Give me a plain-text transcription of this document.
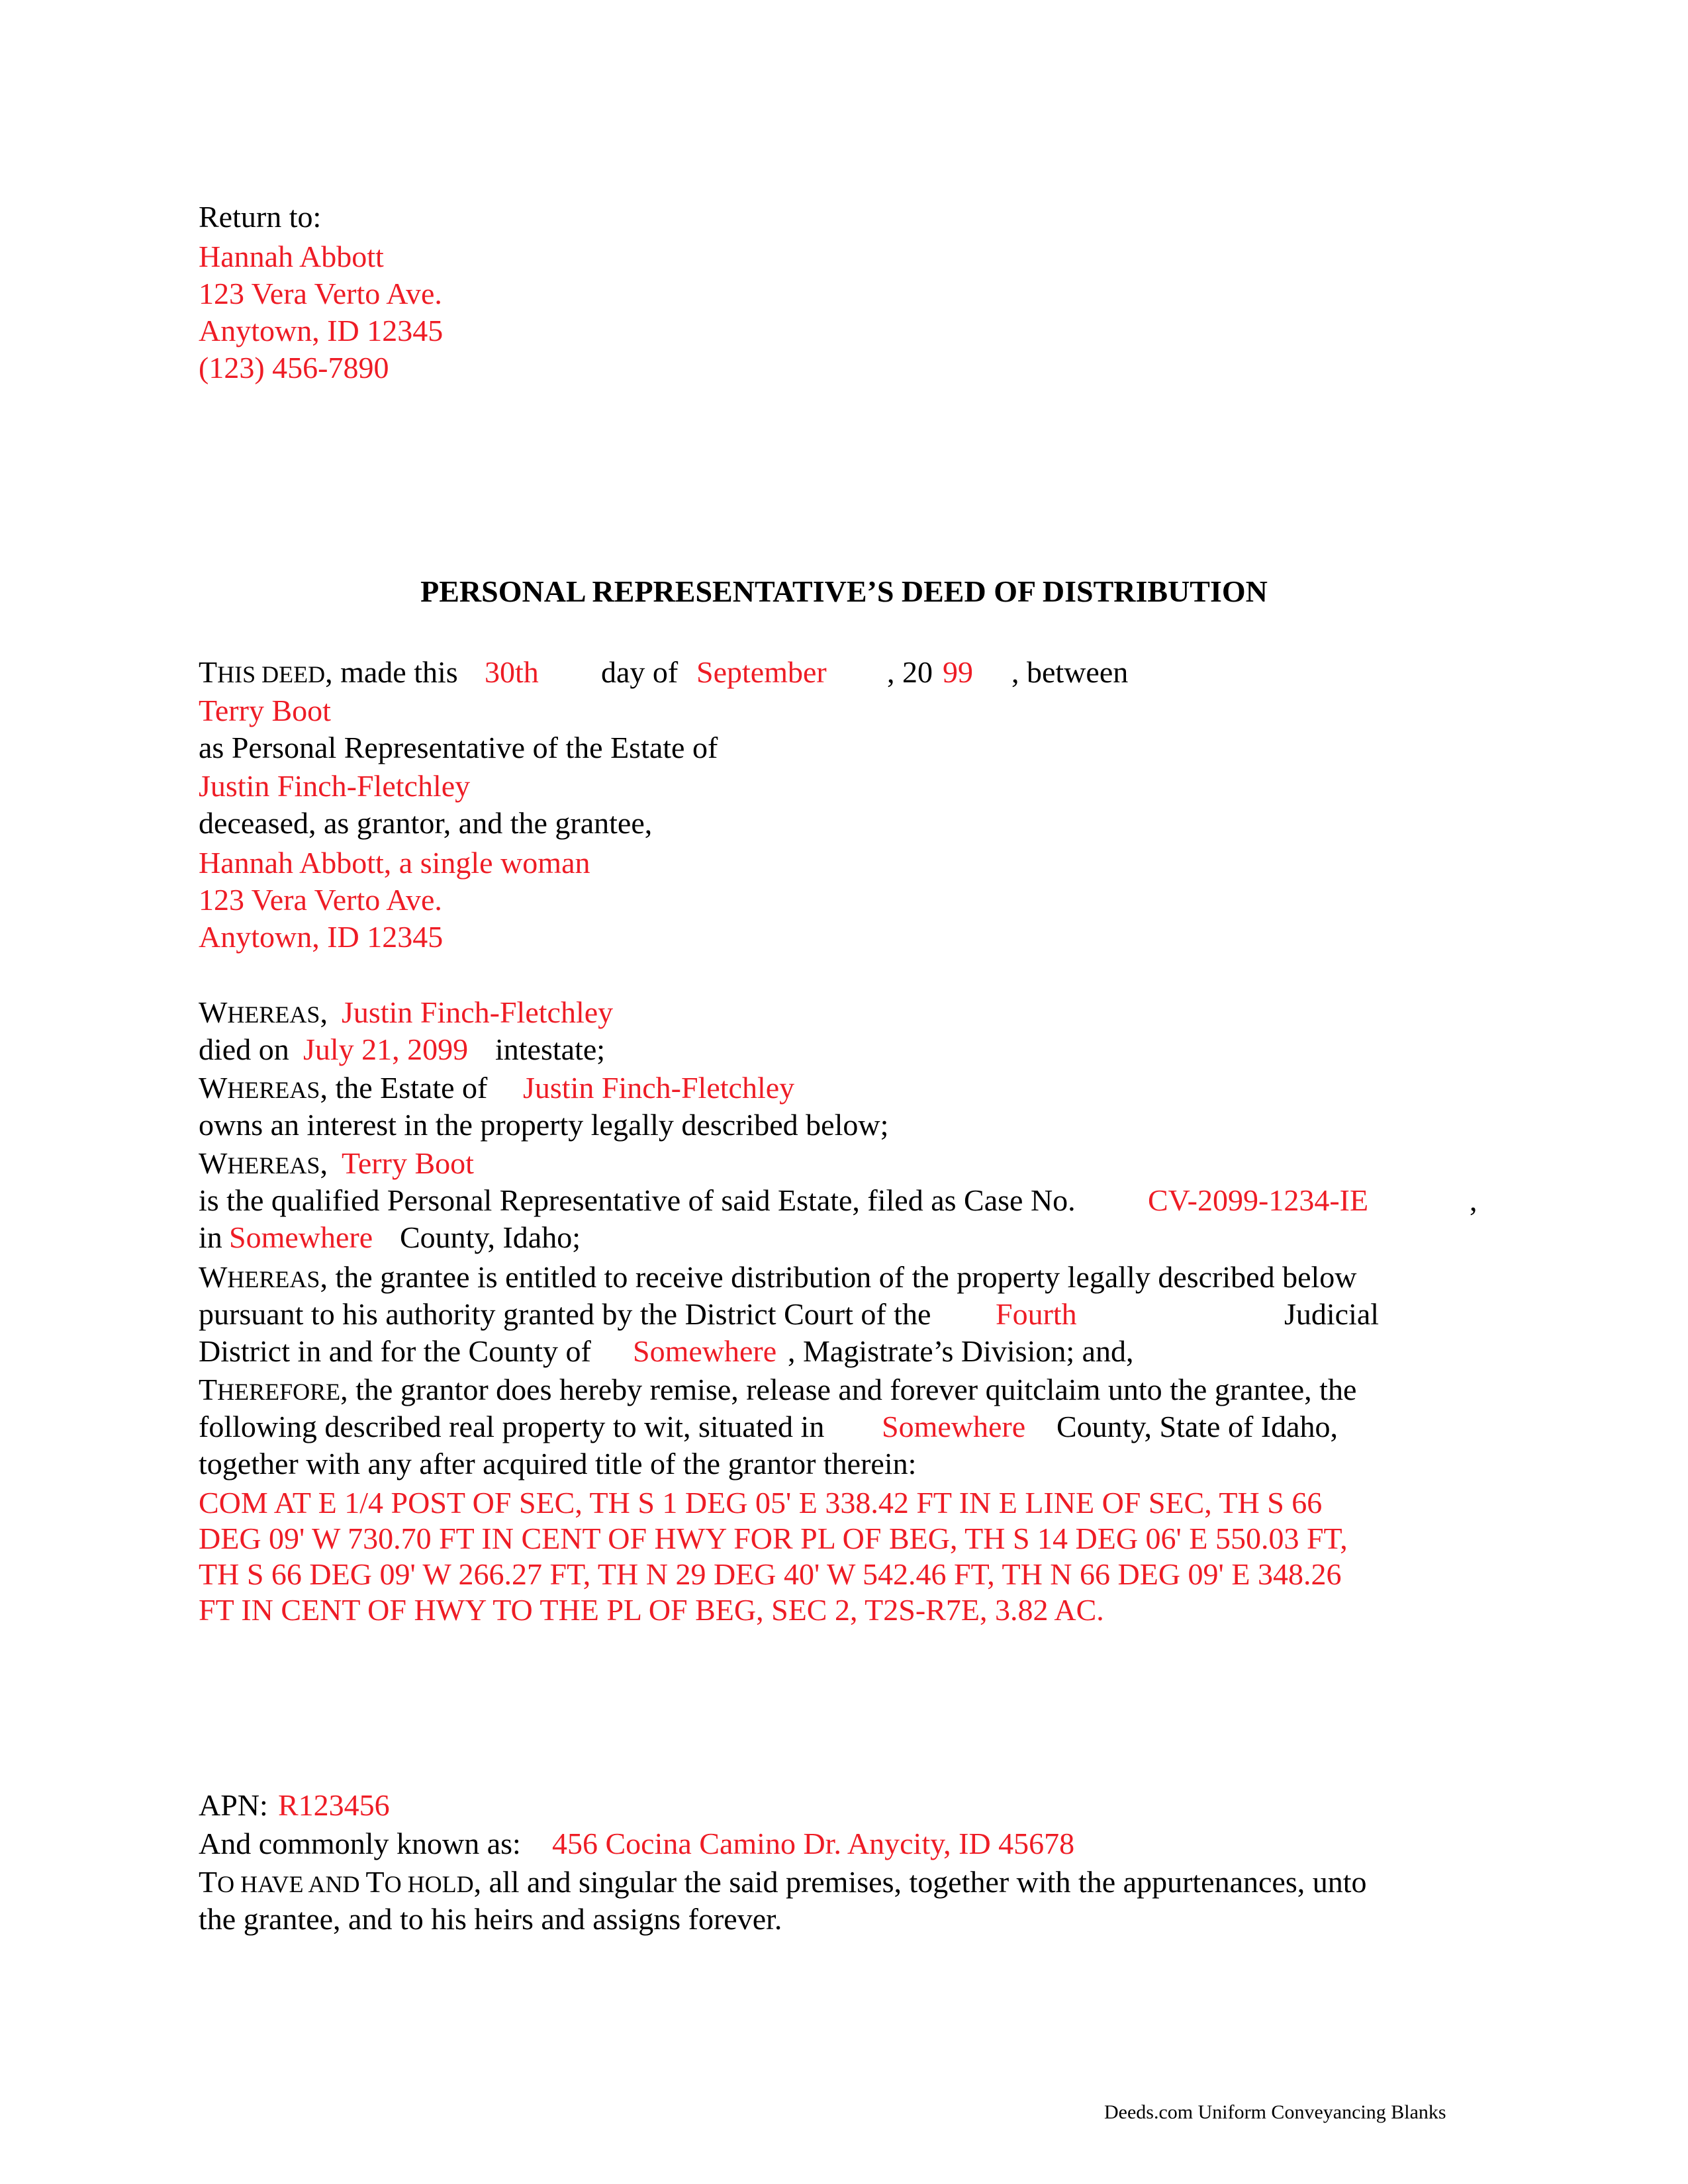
Return to:
Hannah Abbott
123 Vera Verto Ave.
Anytown, ID 12345
(123) 456-7890
PERSONAL REPRESENTATIVE’S DEED OF DISTRIBUTION
THIS DEED, made this 30th day of September , 20 99 , between
Terry Boot
as Personal Representative of the Estate of
Justin Finch-Fletchley
deceased, as grantor, and the grantee,
Hannah Abbott, a single woman
123 Vera Verto Ave.
Anytown, ID 12345
WHEREAS, Justin Finch-Fletchley
died on July 21, 2099 intestate;
WHEREAS, the Estate of Justin Finch-Fletchley
owns an interest in the property legally described below;
WHEREAS, Terry Boot
is the qualified Personal Representative of said Estate, filed as Case No. CV-2099-1234-IE	,
in Somewhere County, Idaho;
WHEREAS, the grantee is entitled to receive distribution of the property legally described below
pursuant to his authority granted by the District Court of the Fourth	Judicial
District in and for the County of Somewhere , Magistrate’s Division; and,
THEREFORE, the grantor does hereby remise, release and forever quitclaim unto the grantee, the
following described real property to wit, situated in Somewhere County, State of Idaho,
together with any after acquired title of the grantor therein:
COM AT E 1/4 POST OF SEC, TH S 1 DEG 05' E 338.42 FT IN E LINE OF SEC, TH S 66
DEG 09' W 730.70 FT IN CENT OF HWY FOR PL OF BEG, TH S 14 DEG 06' E 550.03 FT,
TH S 66 DEG 09' W 266.27 FT, TH N 29 DEG 40' W 542.46 FT, TH N 66 DEG 09' E 348.26
FT IN CENT OF HWY TO THE PL OF BEG, SEC 2, T2S-R7E, 3.82 AC.
APN: R123456
And commonly known as: 456 Cocina Camino Dr. Anycity, ID 45678
TO HAVE AND TO HOLD, all and singular the said premises, together with the appurtenances, unto
the grantee, and to his heirs and assigns forever.
Deeds.com Uniform Conveyancing Blanks
